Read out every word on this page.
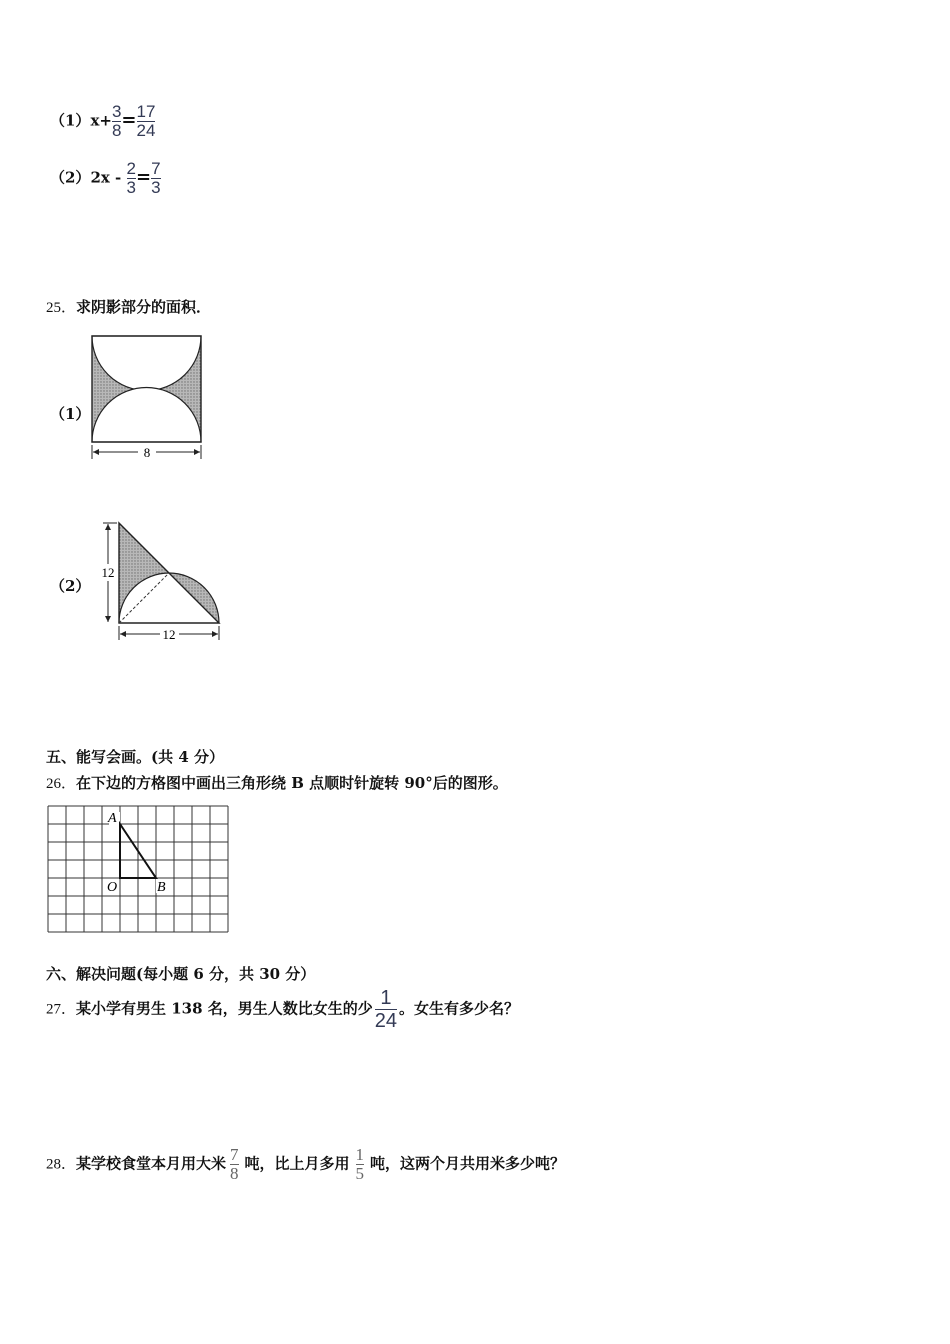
$(1)x+ \frac{3}{8} = \frac{17}{24}$
$(2)2x - \frac{2}{3} = \frac{7}{3}$
25．求阴影部分的面积．
（1）
8
（2）
12
12
五、能写会画。(共 4 分）
26．在下边的方格图中画出三角形绕 B 点顺时针旋转 90°后的图形。
A
O	B
六、解决问题(每小题 6 分，共 30 分）
27．某小学有男生 138 名，男生人数比女生的少 $\frac{1}{24}$ 。女生有多少名？
28．某学校食堂本月用大米 $\frac{7}{8}$ 吨，比上月多用 $\frac{1}{5}$ 吨，这两个月共用米多少吨？
